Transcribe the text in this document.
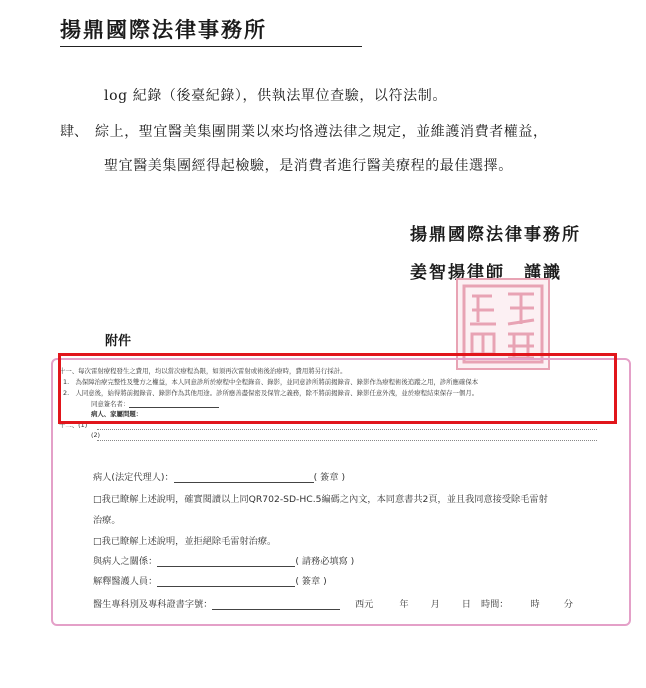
揚鼎國際法律事務所
log 紀錄（後臺紀錄），供執法單位查驗，以符法制。
肆、 綜上，聖宜醫美集團開業以來均恪遵法律之規定，並維護消費者權益，
聖宜醫美集團經得起檢驗，是消費者進行醫美療程的最佳選擇。
揚鼎國際法律事務所
姜智揚律師　謹識
附件
十一、每次雷射療程發生之費用，均以當次療程為限，如須再次雷射或術後治療時，費用將另行採計。
1.　為保障治療完整性及雙方之權益，本人同意診所於療程中全程錄音、錄影，並同意診所將前揭錄音、錄影作為療程術後追蹤之用，診所應確保本
2.　人同意後，始得將前揭錄音、錄影作為其他用途。診所應善盡保密及保管之義務，除不將前揭錄音、錄影任意外洩，並於療程結束保存一個月。
同意簽名者：
病人、家屬問題：
十二、(1)
(2)
病人(法定代理人)：	( 簽章 )
□我已瞭解上述說明，確實閱讀以上同QR702-SD-HC.5編碼之內文，本同意書共2頁，並且我同意接受除毛雷射
治療。
□我已瞭解上述說明，並拒絕除毛雷射治療。
與病人之關係：	( 請務必填寫 )
解釋醫護人員：	( 簽章 )
醫生專科別及專科證書字號：	西元	年 月 日 時間： 時	分
